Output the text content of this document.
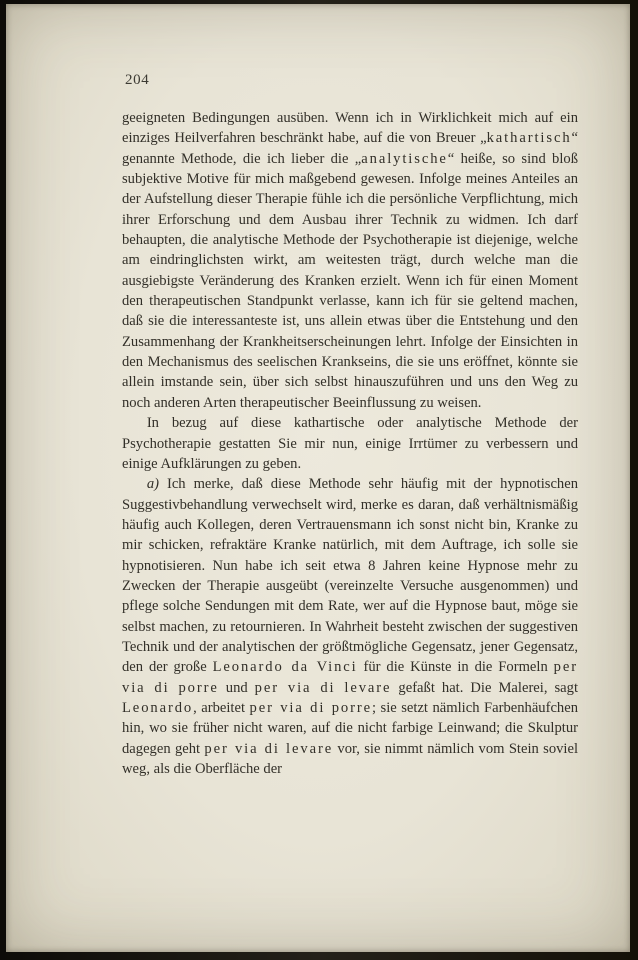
204

geeigneten Bedingungen ausüben. Wenn ich in Wirklichkeit mich auf ein einziges Heilverfahren beschränkt habe, auf die von Breuer „kathartisch“ genannte Methode, die ich lieber die „analytische“ heiße, so sind bloß subjektive Motive für mich maßgebend gewesen. Infolge meines Anteiles an der Aufstellung dieser Therapie fühle ich die persönliche Verpflichtung, mich ihrer Erforschung und dem Ausbau ihrer Technik zu widmen. Ich darf behaupten, die analytische Methode der Psychotherapie ist diejenige, welche am eindringlichsten wirkt, am weitesten trägt, durch welche man die ausgiebigste Veränderung des Kranken erzielt. Wenn ich für einen Moment den therapeutischen Standpunkt verlasse, kann ich für sie geltend machen, daß sie die interessanteste ist, uns allein etwas über die Entstehung und den Zusammenhang der Krankheitserscheinungen lehrt. Infolge der Einsichten in den Mechanismus des seelischen Krankseins, die sie uns eröffnet, könnte sie allein imstande sein, über sich selbst hinauszuführen und uns den Weg zu noch anderen Arten therapeutischer Beeinflussung zu weisen.

In bezug auf diese kathartische oder analytische Methode der Psychotherapie gestatten Sie mir nun, einige Irrtümer zu verbessern und einige Aufklärungen zu geben.

a) Ich merke, daß diese Methode sehr häufig mit der hypnotischen Suggestivbehandlung verwechselt wird, merke es daran, daß verhältnismäßig häufig auch Kollegen, deren Vertrauensmann ich sonst nicht bin, Kranke zu mir schicken, refraktäre Kranke natürlich, mit dem Auftrage, ich solle sie hypnotisieren. Nun habe ich seit etwa 8 Jahren keine Hypnose mehr zu Zwecken der Therapie ausgeübt (vereinzelte Versuche ausgenommen) und pflege solche Sendungen mit dem Rate, wer auf die Hypnose baut, möge sie selbst machen, zu retournieren. In Wahrheit besteht zwischen der suggestiven Technik und der analytischen der größtmögliche Gegensatz, jener Gegensatz, den der große Leonardo da Vinci für die Künste in die Formeln per via di porre und per via di levare gefaßt hat. Die Malerei, sagt Leonardo, arbeitet per via di porre; sie setzt nämlich Farbenhäufchen hin, wo sie früher nicht waren, auf die nicht farbige Leinwand; die Skulptur dagegen geht per via di levare vor, sie nimmt nämlich vom Stein soviel weg, als die Oberfläche der
